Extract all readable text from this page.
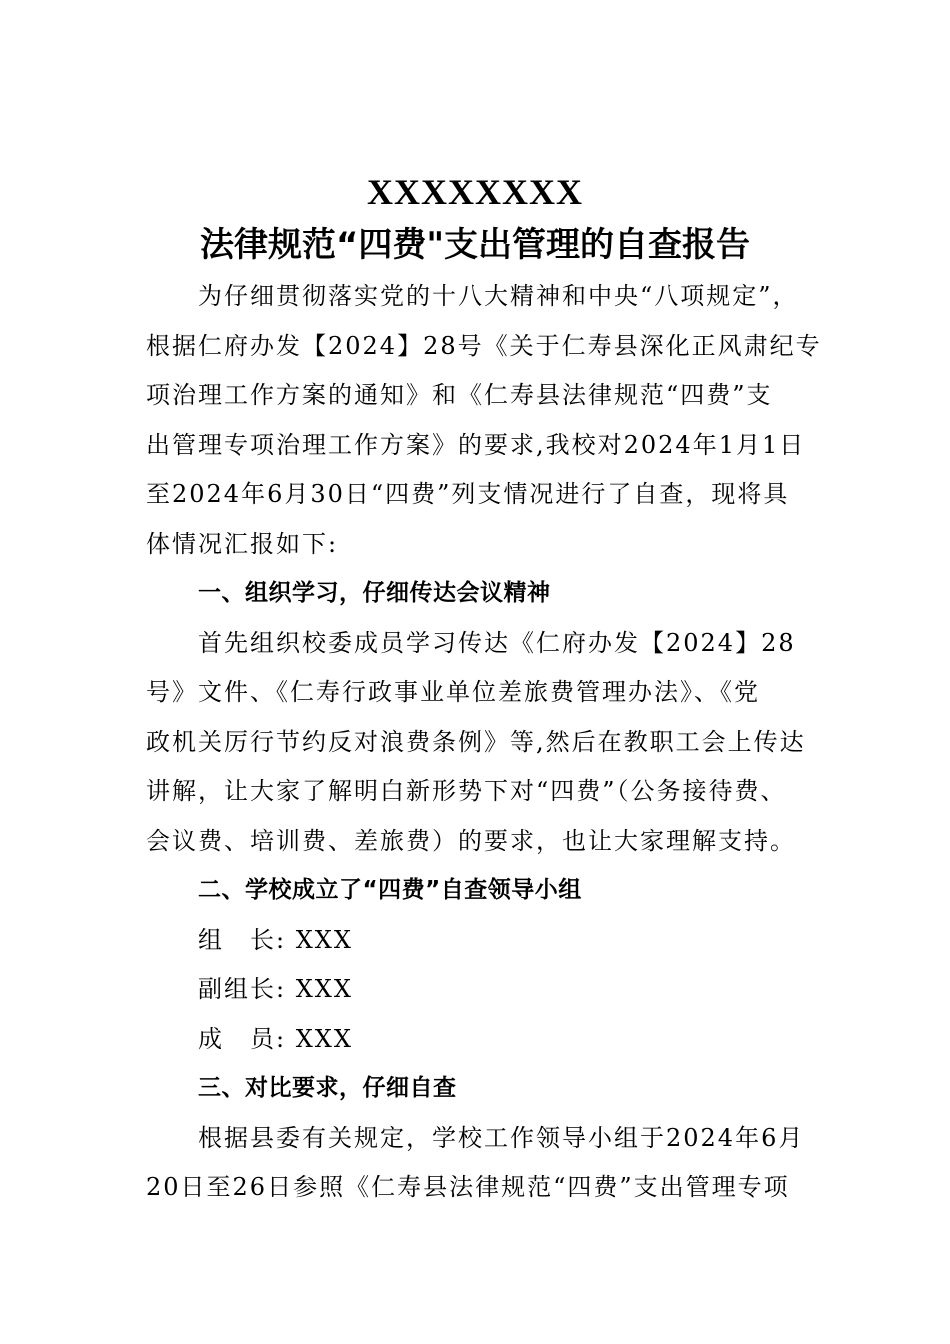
XXXXXXXX
法律规范“四费"支出管理的自查报告
为仔细贯彻落实党的十八大精神和中央“八项规定”，
根据仁府办发【2024】28号《关于仁寿县深化正风肃纪专
项治理工作方案的通知》和《仁寿县法律规范“四费”支
出管理专项治理工作方案》的要求,我校对2024年1月1日
至2024年6月30日“四费”列支情况进行了自查，现将具
体情况汇报如下:
一、组织学习，仔细传达会议精神
首先组织校委成员学习传达《仁府办发【2024】28
号》文件、《仁寿行政事业单位差旅费管理办法》、《党
政机关厉行节约反对浪费条例》等,然后在教职工会上传达
讲解，让大家了解明白新形势下对“四费”（公务接待费、
会议费、培训费、差旅费）的要求，也让大家理解支持。
二、学校成立了“四费”自查领导小组
组　长: XXX
副组长: XXX
成　员: XXX
三、对比要求，仔细自查
根据县委有关规定，学校工作领导小组于2024年6月
20日至26日参照《仁寿县法律规范“四费”支出管理专项
